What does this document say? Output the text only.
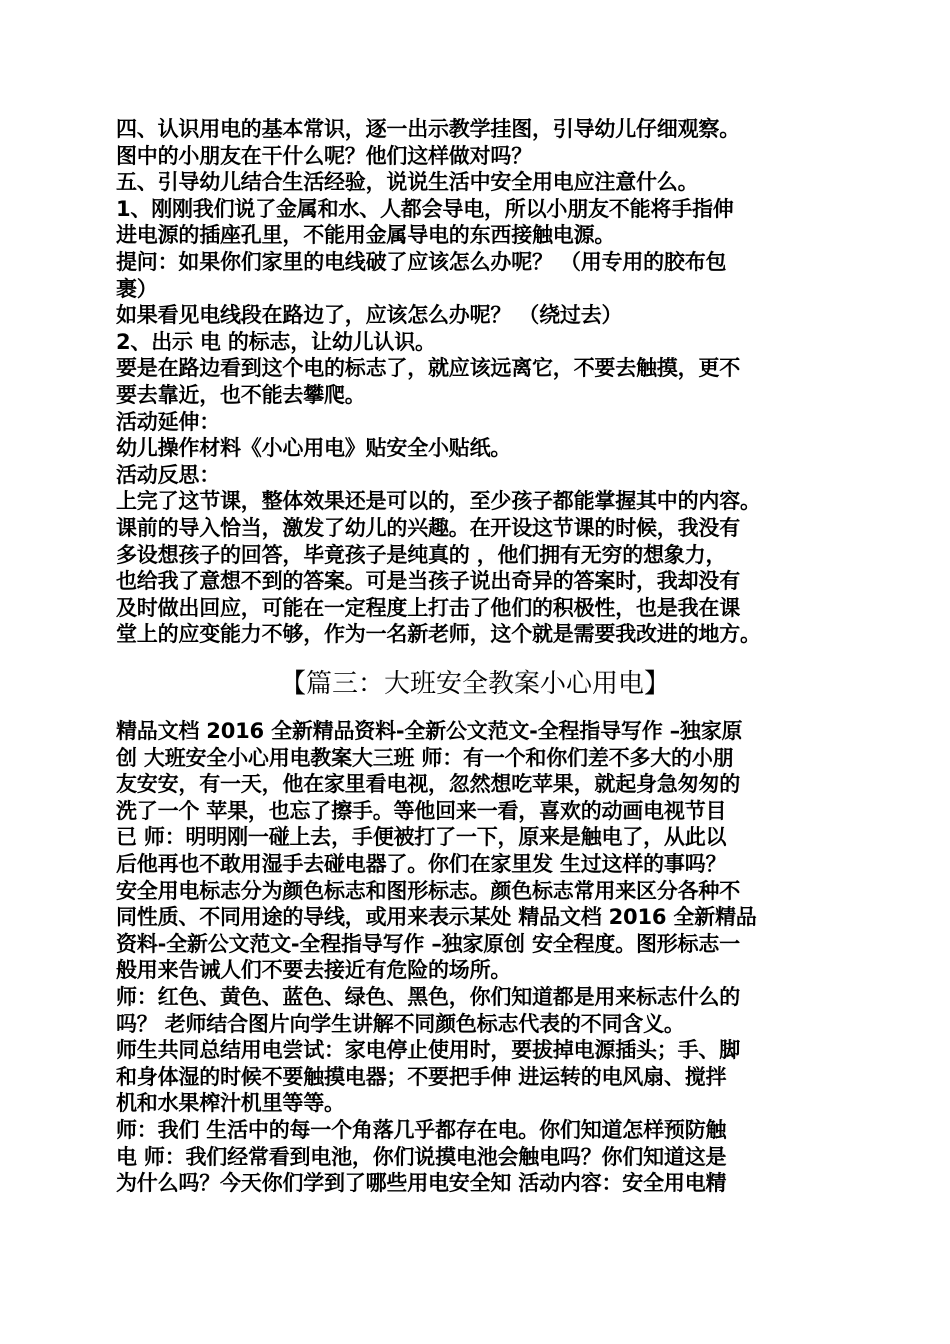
四、认识用电的基本常识，逐一出示教学挂图，引导幼儿仔细观察。
图中的小朋友在干什么呢？他们这样做对吗？
五、引导幼儿结合生活经验，说说生活中安全用电应注意什么。
1、刚刚我们说了金属和水、人都会导电，所以小朋友不能将手指伸
进电源的插座孔里，不能用金属导电的东西接触电源。
提问：如果你们家里的电线破了应该怎么办呢？ （用专用的胶布包
裹）
如果看见电线段在路边了，应该怎么办呢？ （绕过去）
2、出示 电 的标志，让幼儿认识。
要是在路边看到这个电的标志了，就应该远离它，不要去触摸，更不
要去靠近，也不能去攀爬。
活动延伸：
幼儿操作材料《小心用电》贴安全小贴纸。
活动反思：
上完了这节课，整体效果还是可以的，至少孩子都能掌握其中的内容。
课前的导入恰当，激发了幼儿的兴趣。在开设这节课的时候，我没有
多设想孩子的回答，毕竟孩子是纯真的 ，他们拥有无穷的想象力，
也给我了意想不到的答案。可是当孩子说出奇异的答案时，我却没有
及时做出回应，可能在一定程度上打击了他们的积极性，也是我在课
堂上的应变能力不够，作为一名新老师，这个就是需要我改进的地方。
【篇三：大班安全教案小心用电】
精品文档 2016 全新精品资料-全新公文范文-全程指导写作 –独家原
创 大班安全小心用电教案大三班 师：有一个和你们差不多大的小朋
友安安，有一天，他在家里看电视，忽然想吃苹果，就起身急匆匆的
洗了一个 苹果，也忘了擦手。等他回来一看，喜欢的动画电视节目
已 师：明明刚一碰上去，手便被打了一下，原来是触电了，从此以
后他再也不敢用湿手去碰电器了。你们在家里发 生过这样的事吗？
安全用电标志分为颜色标志和图形标志。颜色标志常用来区分各种不
同性质、不同用途的导线，或用来表示某处 精品文档 2016 全新精品
资料-全新公文范文-全程指导写作 –独家原创 安全程度。图形标志一
般用来告诫人们不要去接近有危险的场所。
师：红色、黄色、蓝色、绿色、黑色，你们知道都是用来标志什么的
吗？ 老师结合图片向学生讲解不同颜色标志代表的不同含义。
师生共同总结用电尝试：家电停止使用时，要拔掉电源插头；手、脚
和身体湿的时候不要触摸电器；不要把手伸 进运转的电风扇、搅拌
机和水果榨汁机里等等。
师：我们 生活中的每一个角落几乎都存在电。你们知道怎样预防触
电 师：我们经常看到电池，你们说摸电池会触电吗？你们知道这是
为什么吗？今天你们学到了哪些用电安全知 活动内容：安全用电精
